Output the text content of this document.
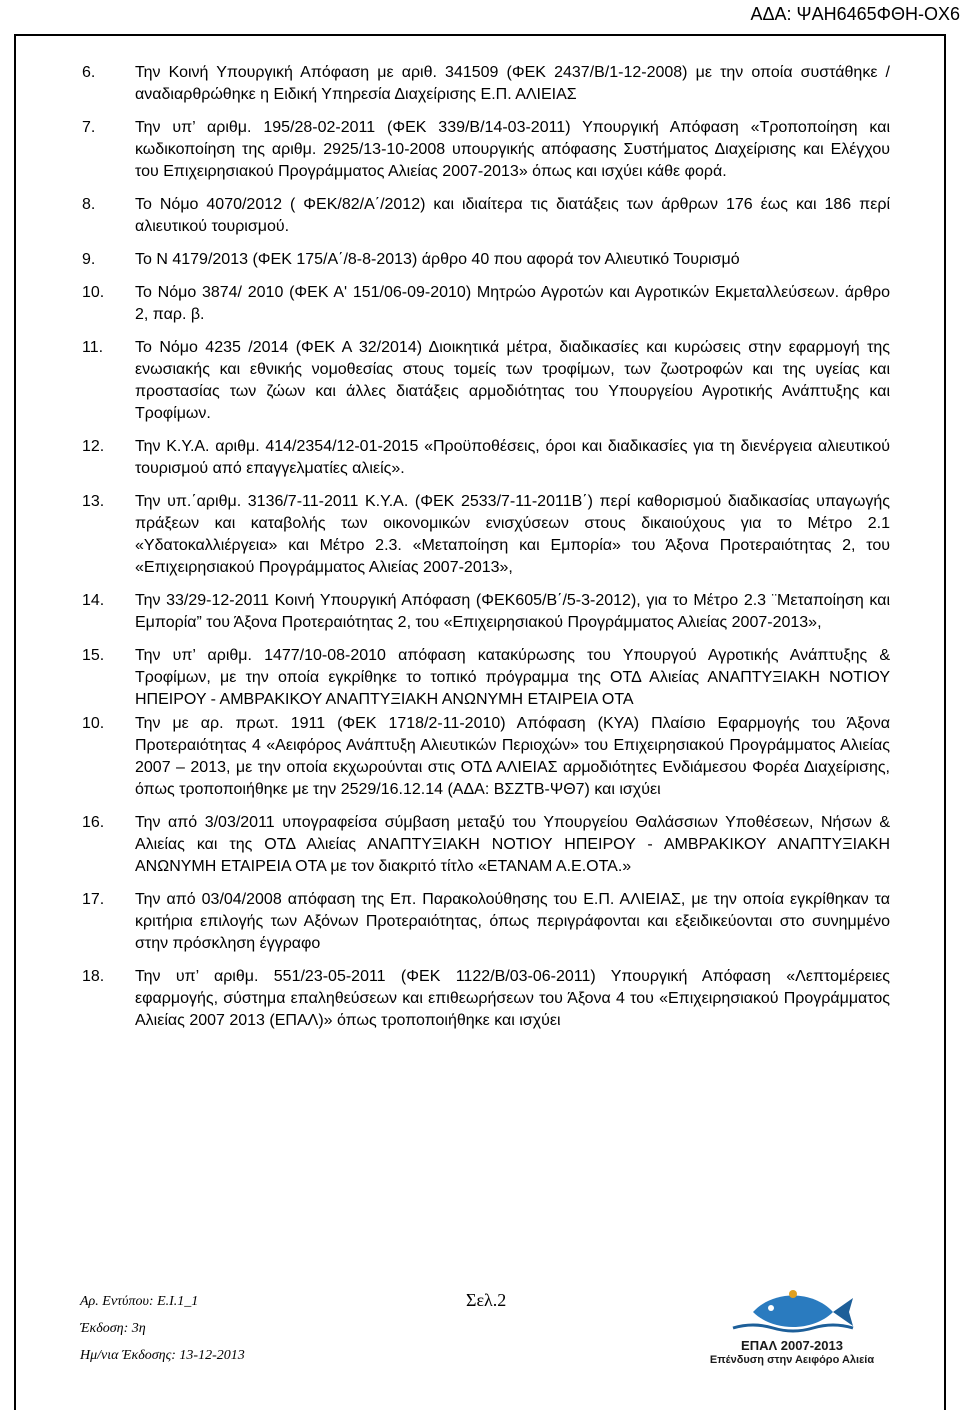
ΑΔΑ: ΨΑΗ6465ΦΘΗ-ΟΧ6
6.	Την Κοινή Υπουργική Απόφαση με αριθ. 341509 (ΦΕΚ 2437/Β/1-12-2008) με την οποία συστάθηκε /αναδιαρθρώθηκε η Ειδική Υπηρεσία Διαχείρισης Ε.Π. ΑΛΙΕΙΑΣ
7.	Την υπ’ αριθμ. 195/28-02-2011 (ΦΕΚ 339/Β/14-03-2011) Υπουργική Απόφαση «Τροποποίηση και κωδικοποίηση της αριθμ. 2925/13-10-2008 υπουργικής απόφασης Συστήματος Διαχείρισης και Ελέγχου του Επιχειρησιακού Προγράμματος Αλιείας 2007-2013» όπως και ισχύει κάθε φορά.
8.	Το Νόμο 4070/2012 ( ΦΕΚ/82/Α΄/2012) και ιδιαίτερα τις διατάξεις των άρθρων 176 έως και 186 περί αλιευτικού τουρισμού.
9.	Το Ν 4179/2013 (ΦΕΚ 175/Α΄/8-8-2013) άρθρο 40 που αφορά τον Αλιευτικό Τουρισμό
10.	Το Νόμο 3874/ 2010 (ΦΕΚ Α' 151/06-09-2010) Μητρώο Αγροτών και Αγροτικών Εκμεταλλεύσεων. άρθρο 2, παρ. β.
11.	Το Νόμο 4235 /2014 (ΦΕΚ Α 32/2014) Διοικητικά μέτρα, διαδικασίες και κυρώσεις στην εφαρμογή της ενωσιακής και εθνικής νομοθεσίας στους τομείς των τροφίμων, των ζωοτροφών και της υγείας και προστασίας των ζώων και άλλες διατάξεις αρμοδιότητας του Υπουργείου Αγροτικής Ανάπτυξης και Τροφίμων.
12.	Την Κ.Υ.Α. αριθμ. 414/2354/12-01-2015 «Προϋποθέσεις, όροι και διαδικασίες για τη διενέργεια αλιευτικού τουρισμού από επαγγελματίες αλιείς».
13.	Την υπ.΄αριθμ. 3136/7-11-2011 Κ.Υ.Α. (ΦΕΚ 2533/7-11-2011Β΄) περί καθορισμού διαδικασίας υπαγωγής πράξεων και καταβολής των οικονομικών ενισχύσεων στους δικαιούχους για το Μέτρο 2.1 «Υδατοκαλλιέργεια» και Μέτρο 2.3. «Μεταποίηση και Εμπορία» του Άξονα Προτεραιότητας 2, του «Επιχειρησιακού Προγράμματος Αλιείας 2007-2013»,
14.	Την 33/29-12-2011 Κοινή Υπουργική Απόφαση (ΦΕΚ605/Β΄/5-3-2012), για το Μέτρο 2.3 ¨Μεταποίηση και Εμπορία” του Άξονα Προτεραιότητας 2, του «Επιχειρησιακού Προγράμματος Αλιείας 2007-2013»,
15.	Την υπ’ αριθμ. 1477/10-08-2010 απόφαση κατακύρωσης του Υπουργού Αγροτικής Ανάπτυξης & Τροφίμων, με την οποία εγκρίθηκε το τοπικό πρόγραμμα της ΟΤΔ Αλιείας ΑΝΑΠΤΥΞΙΑΚΗ ΝΟΤΙΟΥ ΗΠΕΙΡΟΥ - ΑΜΒΡΑΚΙΚΟΥ ΑΝΑΠΤΥΞΙΑΚΗ ΑΝΩΝΥΜΗ ΕΤΑΙΡΕΙΑ ΟΤΑ
10.	Την με αρ. πρωτ. 1911 (ΦΕΚ 1718/2-11-2010) Απόφαση (ΚΥΑ) Πλαίσιο Εφαρμογής του Άξονα Προτεραιότητας 4 «Αειφόρος Ανάπτυξη Αλιευτικών Περιοχών» του Επιχειρησιακού Προγράμματος Αλιείας 2007 – 2013, με την οποία εκχωρούνται στις ΟΤΔ ΑΛΙΕΙΑΣ αρμοδιότητες Ενδιάμεσου Φορέα Διαχείρισης, όπως τροποποιήθηκε με την 2529/16.12.14 (ΑΔΑ: ΒΣΖΤΒ-ΨΘ7) και ισχύει
16.	Την από 3/03/2011 υπογραφείσα σύμβαση μεταξύ του Υπουργείου Θαλάσσιων Υποθέσεων, Νήσων & Αλιείας και της ΟΤΔ Αλιείας ΑΝΑΠΤΥΞΙΑΚΗ ΝΟΤΙΟΥ ΗΠΕΙΡΟΥ - ΑΜΒΡΑΚΙΚΟΥ ΑΝΑΠΤΥΞΙΑΚΗ ΑΝΩΝΥΜΗ ΕΤΑΙΡΕΙΑ ΟΤΑ με τον διακριτό τίτλο «ΕΤΑΝΑΜ Α.Ε.ΟΤΑ.»
17.	Την από 03/04/2008 απόφαση της Επ. Παρακολούθησης του Ε.Π. ΑΛΙΕΙΑΣ, με την οποία εγκρίθηκαν τα κριτήρια επιλογής των Αξόνων Προτεραιότητας, όπως περιγράφονται και εξειδικεύονται στο συνημμένο στην πρόσκληση έγγραφο
18.	Την υπ’ αριθμ. 551/23-05-2011 (ΦΕΚ 1122/Β/03-06-2011) Υπουργική Απόφαση «Λεπτομέρειες εφαρμογής, σύστημα επαληθεύσεων και επιθεωρήσεων του Άξονα 4 του «Επιχειρησιακού Προγράμματος Αλιείας 2007 2013 (ΕΠΑΛ)» όπως τροποποιήθηκε και ισχύει
Αρ. Εντύπου: Ε.Ι.1_1
Έκδοση: 3η
Ημ/νια Έκδοσης: 13-12-2013
Σελ.2
ΕΠΑΛ 2007-2013
Επένδυση στην Αειφόρο Αλιεία
